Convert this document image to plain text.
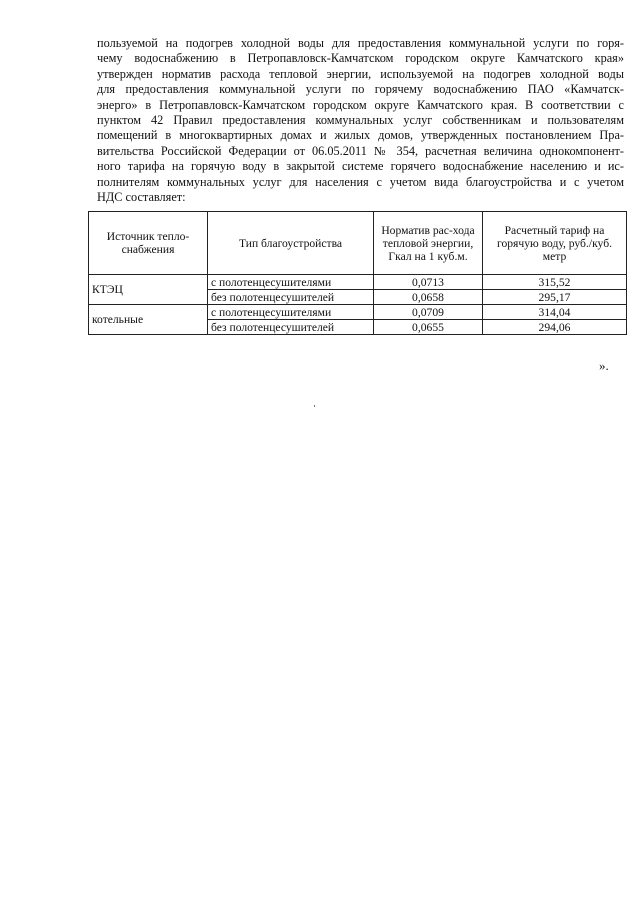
пользуемой на подогрев холодной воды для предоставления коммунальной услуги по горя-
чему водоснабжению в Петропавловск-Камчатском городском округе Камчатского края»
утвержден норматив расхода тепловой энергии, используемой на подогрев холодной воды
для предоставления коммунальной услуги по горячему водоснабжению ПАО «Камчатск-
энерго» в Петропавловск-Камчатском городском округе Камчатского края. В соответствии с
пунктом 42 Правил предоставления коммунальных услуг собственникам и пользователям
помещений в многоквартирных домах и жилых домов, утвержденных постановлением Пра-
вительства Российской Федерации от 06.05.2011 № 354, расчетная величина однокомпонент-
ного тарифа на горячую воду в закрытой системе горячего водоснабжение населению и ис-
полнителям коммунальных услуг для населения с учетом вида благоустройства и с учетом
НДС составляет:

Источник тепло-снабжения	Тип благоустройства	Норматив рас-хода тепловой энергии, Гкал на 1 куб.м.	Расчетный тариф на горячую воду, руб./куб. метр
КТЭЦ	с полотенцесушителями	0,0713	315,52
	без полотенцесушителей	0,0658	295,17
котельные	с полотенцесушителями	0,0709	314,04
	без полотенцесушителей	0,0655	294,06
».
